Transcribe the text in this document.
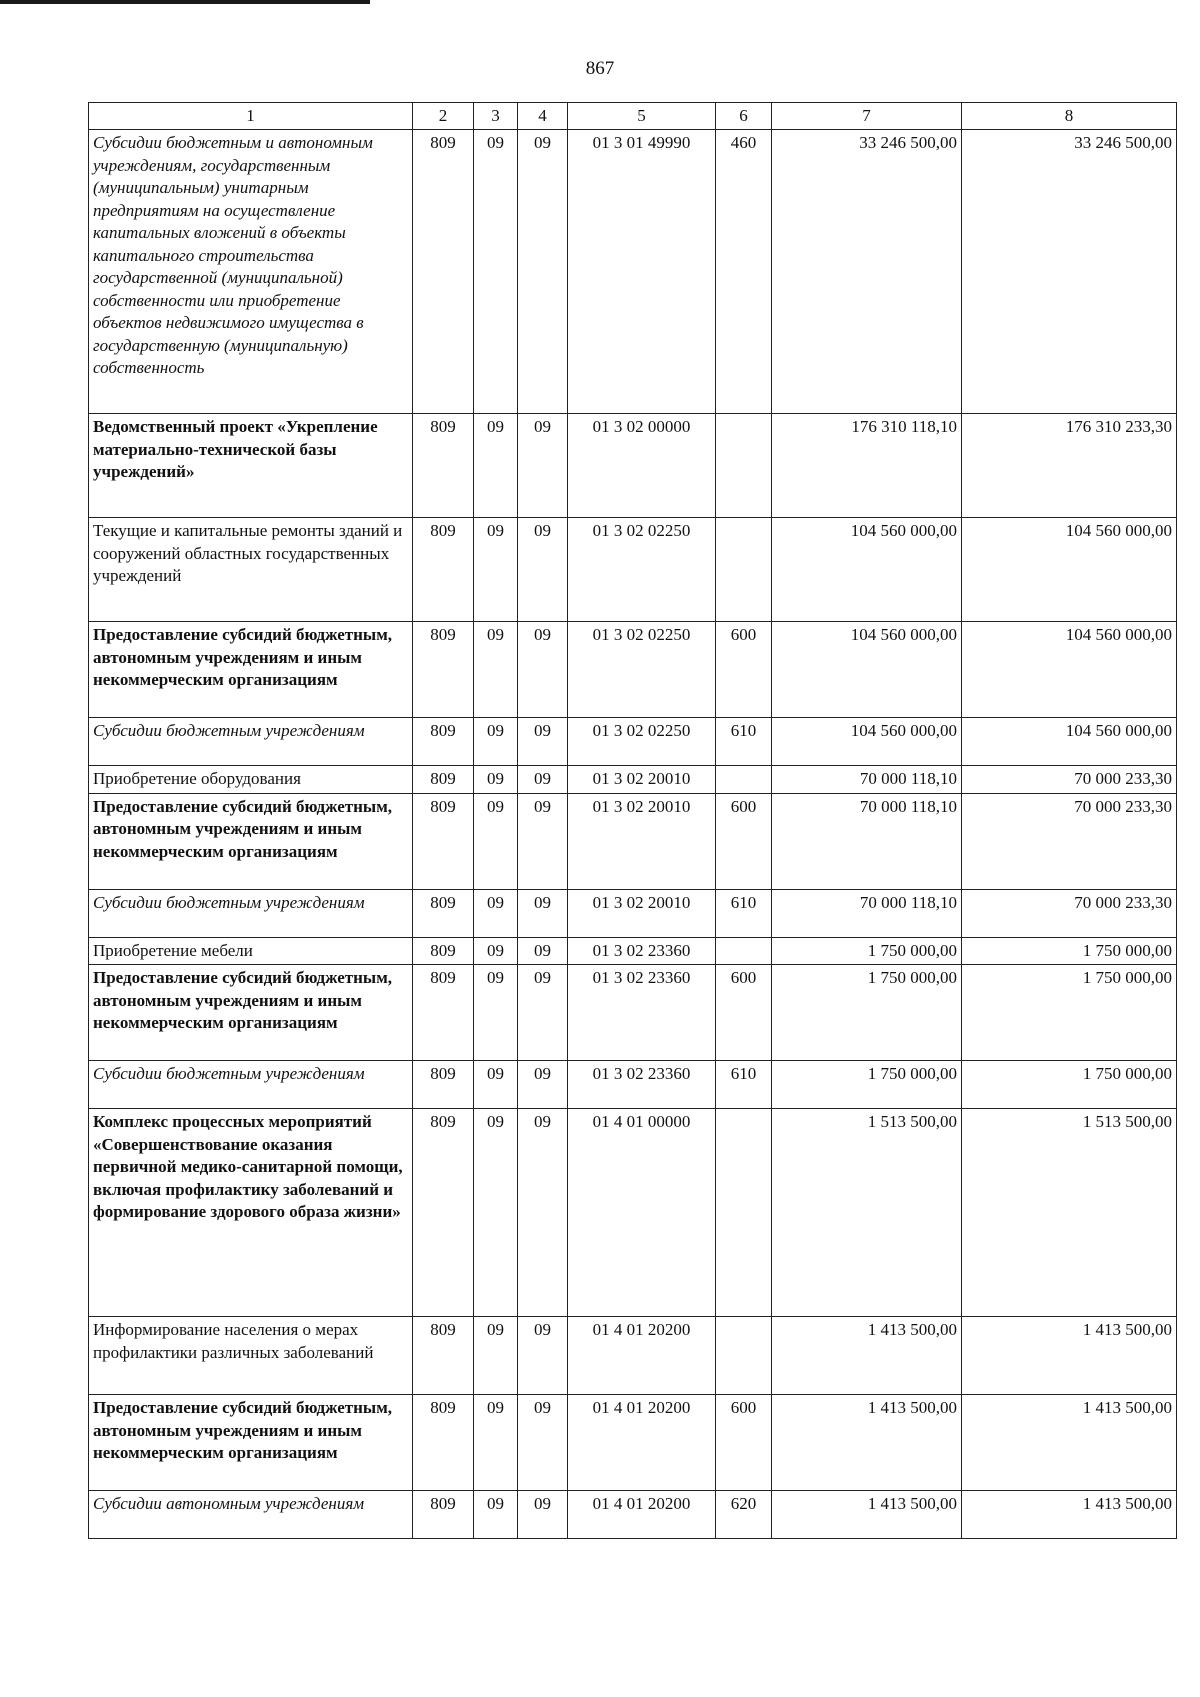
867
1	2	3	4	5	6	7	8
Субсидии бюджетным и автономным учреждениям, государственным (муниципальным) унитарным предприятиям на осуществление капитальных вложений в объекты капитального строительства государственной (муниципальной) собственности или приобретение объектов недвижимого имущества в государственную (муниципальную) собственность	809	09	09	01 3 01 49990	460	33 246 500,00	33 246 500,00
Ведомственный проект «Укрепление материально-технической базы учреждений»	809	09	09	01 3 02 00000		176 310 118,10	176 310 233,30
Текущие и капитальные ремонты зданий и сооружений областных государственных учреждений	809	09	09	01 3 02 02250		104 560 000,00	104 560 000,00
Предоставление субсидий бюджетным, автономным учреждениям и иным некоммерческим организациям	809	09	09	01 3 02 02250	600	104 560 000,00	104 560 000,00
Субсидии бюджетным учреждениям	809	09	09	01 3 02 02250	610	104 560 000,00	104 560 000,00
Приобретение оборудования	809	09	09	01 3 02 20010		70 000 118,10	70 000 233,30
Предоставление субсидий бюджетным, автономным учреждениям и иным некоммерческим организациям	809	09	09	01 3 02 20010	600	70 000 118,10	70 000 233,30
Субсидии бюджетным учреждениям	809	09	09	01 3 02 20010	610	70 000 118,10	70 000 233,30
Приобретение мебели	809	09	09	01 3 02 23360		1 750 000,00	1 750 000,00
Предоставление субсидий бюджетным, автономным учреждениям и иным некоммерческим организациям	809	09	09	01 3 02 23360	600	1 750 000,00	1 750 000,00
Субсидии бюджетным учреждениям	809	09	09	01 3 02 23360	610	1 750 000,00	1 750 000,00
Комплекс процессных мероприятий «Совершенствование оказания первичной медико-санитарной помощи, включая профилактику заболеваний и формирование здорового образа жизни»	809	09	09	01 4 01 00000		1 513 500,00	1 513 500,00
Информирование населения о мерах профилактики различных заболеваний	809	09	09	01 4 01 20200		1 413 500,00	1 413 500,00
Предоставление субсидий бюджетным, автономным учреждениям и иным некоммерческим организациям	809	09	09	01 4 01 20200	600	1 413 500,00	1 413 500,00
Субсидии автономным учреждениям	809	09	09	01 4 01 20200	620	1 413 500,00	1 413 500,00
